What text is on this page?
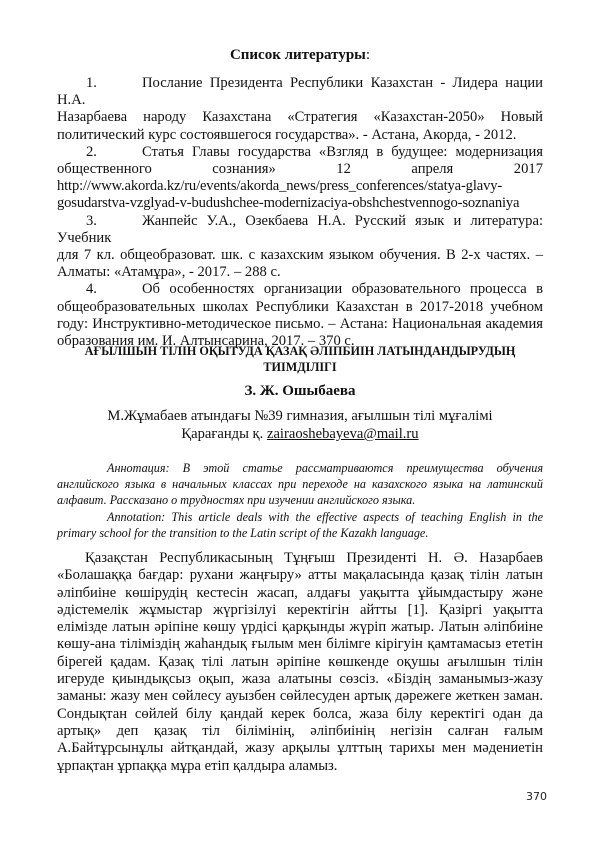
Список литературы:
1.	Послание Президента Республики Казахстан - Лидера нации Н.А.
Назарбаева народу Казахстана «Стратегия «Казахстан-2050» Новый
политический курс состоявшегося государства». - Астана, Акорда, - 2012.
2.	Статья Главы государства «Взгляд в будущее: модернизация
общественного сознания» 12 апреля 2017
http://www.akorda.kz/ru/events/akorda_news/press_conferences/statya-glavy-
gosudarstva-vzglyad-v-budushchee-modernizaciya-obshchestvennogo-soznaniya
3.	Жанпейс У.А., Озекбаева Н.А. Русский язык и литература: Учебник
для 7 кл. общеобразоват. шк. с казахским языком обучения. В 2-х частях. –
Алматы: «Атамұра», - 2017. – 288 с.
4.	Об особенностях организации образовательного процесса в
общеобразовательных школах Республики Казахстан в 2017-2018 учебном
году: Инструктивно-методическое письмо. – Астана: Национальная академия
образования им. И. Алтынсарина, 2017. – 370 с.
АҒЫЛШЫН ТІЛІН ОҚЫТУДА ҚАЗАҚ ӘЛІПБИІН ЛАТЫНДАНДЫРУДЫҢ
ТИІМДІЛІГІ
З. Ж. Ошыбаева
М.Жұмабаев атындағы №39 гимназия, ағылшын тілі мұғалімі
Қарағанды қ. zairaoshebayeva@mail.ru

Аннотация: В этой статье рассматриваются преимущества обучения английского языка в начальных классах при переходе на казахского языка на латинский алфавит. Рассказано о трудностях при изучении английского языка.

Annotation: This article deals with the effective aspects of teaching English in the primary school for the transition to the Latin script of the Kazakh language.

Қазақстан Республикасының Тұңғыш Президенті Н. Ә. Назарбаев «Болашаққа бағдар: рухани жаңғыру» атты мақаласында қазақ тілін латын әліпбиіне көшірудің кестесін жасап, алдағы уақытта ұйымдастыру және әдістемелік жұмыстар жүргізілуі керектігін айтты [1]. Қазіргі уақытта елімізде латын әріпіне көшу үрдісі қарқынды жүріп жатыр. Латын әліпбиіне көшу-ана тіліміздің жаһандық ғылым мен білімге кірігуін қамтамасыз ететін бірегей қадам. Қазақ тілі латын әріпіне көшкенде оқушы ағылшын тілін игеруде қиындықсыз оқып, жаза алатыны сөзсіз. «Біздің заманымыз-жазу заманы: жазу мен сөйлесу ауызбен сөйлесуден артық дәрежеге жеткен заман. Сондықтан сөйлей білу қандай керек болса, жаза білу керектігі одан да артық» деп қазақ тіл білімінің, әліпбиінің негізін салған ғалым А.Байтұрсынұлы айтқандай, жазу арқылы ұлттың тарихы мен мәдениетін ұрпақтан ұрпаққа мұра етіп қалдыра аламыз.

370
